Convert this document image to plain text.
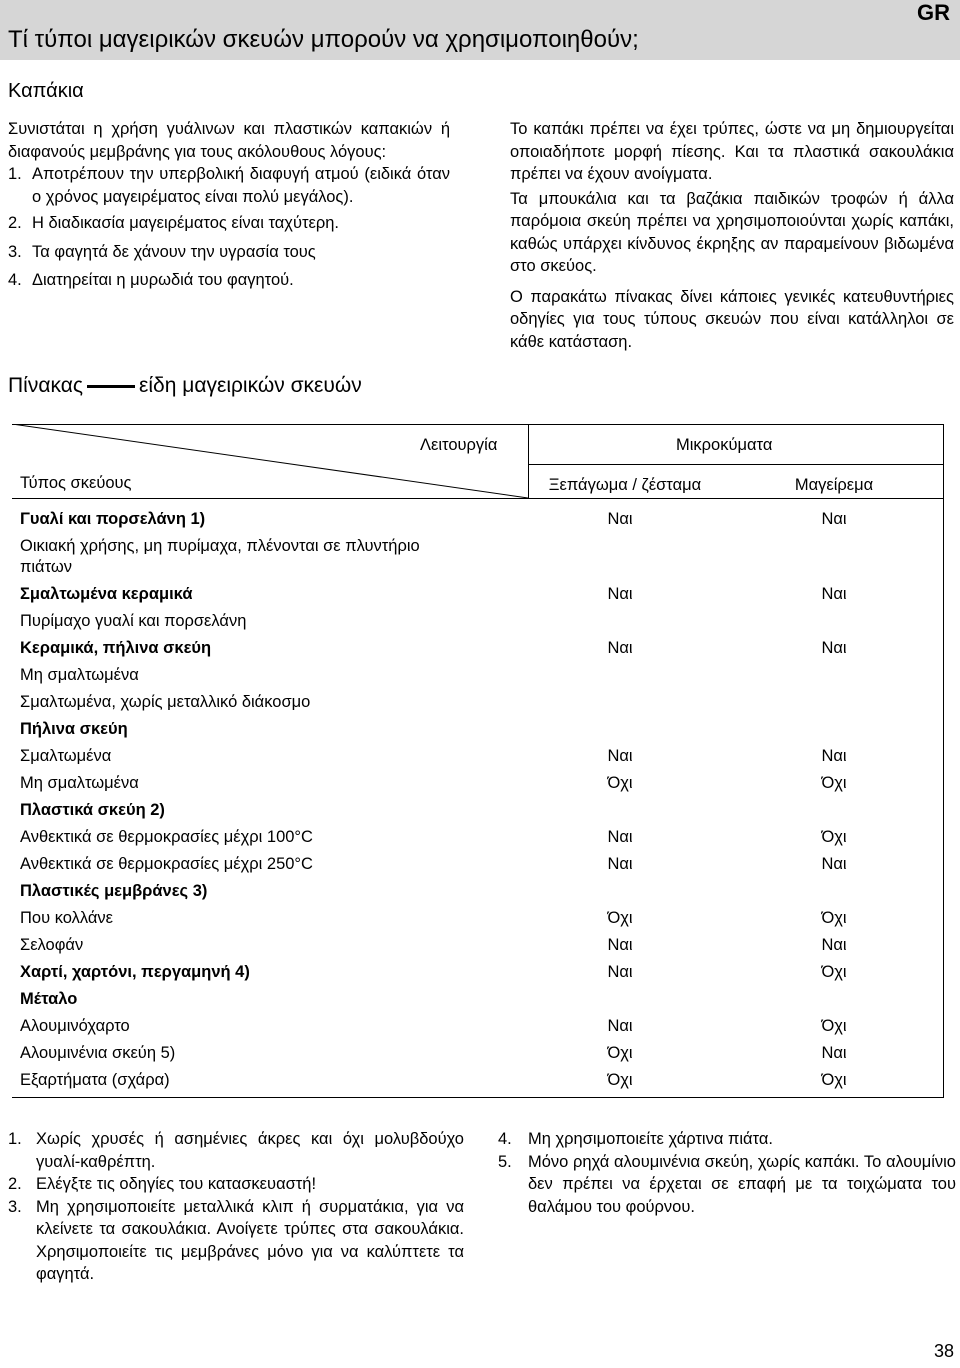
GR
Τί τύποι μαγειρικών σκευών μπορούν να χρησιμοποιηθούν;
Καπάκια
Συνιστάται η χρήση γυάλινων και πλαστικών καπακιών ή διαφανούς μεμβράνης για τους ακόλουθους λόγους:
1. Αποτρέπουν την υπερβολική διαφυγή ατμού (ειδικά όταν ο χρόνος μαγειρέματος είναι πολύ μεγάλος).
2. Η διαδικασία μαγειρέματος είναι ταχύτερη.
3. Τα φαγητά δε χάνουν την υγρασία τους
4. Διατηρείται η μυρωδιά του φαγητού.
Το καπάκι πρέπει να έχει τρύπες, ώστε να μη δημιουργείται οποιαδήποτε μορφή πίεσης. Και τα πλαστικά σακουλάκια πρέπει να έχουν ανοίγματα.
Τα μπουκάλια και τα βαζάκια παιδικών τροφών ή άλλα παρόμοια σκεύη πρέπει να χρησιμοποιούνται χωρίς καπάκι, καθώς υπάρχει κίνδυνος έκρηξης αν παραμείνουν βιδωμένα στο σκεύος.
Ο παρακάτω πίνακας δίνει κάποιες γενικές κατευθυντήριες οδηγίες για τους τύπους σκευών που είναι κατάλληλοι σε κάθε κατάσταση.
Πίνακας	είδη μαγειρικών σκευών
Λειτουργία	Μικροκύματα
Τύπος σκεύους	Ξεπάγωμα / ζέσταμα	Μαγείρεμα
Γυαλί και πορσελάνη 1)	Ναι	Ναι
Οικιακή χρήσης, μη πυρίμαχα, πλένονται σε πλυντήριο
πιάτων
Σμαλτωμένα κεραμικά	Ναι	Ναι
Πυρίμαχο γυαλί και πορσελάνη
Κεραμικά, πήλινα σκεύη	Ναι	Ναι
Μη σμαλτωμένα
Σμαλτωμένα, χωρίς μεταλλικό διάκοσμο
Πήλινα σκεύη
Σμαλτωμένα	Ναι	Ναι
Μη σμαλτωμένα	Όχι	Όχι
Πλαστικά σκεύη 2)
Ανθεκτικά σε θερμοκρασίες μέχρι 100°C	Ναι	Όχι
Ανθεκτικά σε θερμοκρασίες μέχρι 250°C	Ναι	Ναι
Πλαστικές μεμβράνες 3)
Που κολλάνε	Όχι	Όχι
Σελοφάν	Ναι	Ναι
Χαρτί, χαρτόνι, περγαμηνή 4)	Ναι	Όχι
Μέταλο
Αλουμινόχαρτο	Ναι	Όχι
Αλουμινένια σκεύη 5)	Όχι	Ναι
Εξαρτήματα (σχάρα)	Όχι	Όχι
1. Χωρίς χρυσές ή ασημένιες άκρες και όχι μολυβδούχο γυαλί-καθρέπτη.
2. Ελέγξτε τις οδηγίες του κατασκευαστή!
3. Μη χρησιμοποιείτε μεταλλικά κλιπ ή συρματάκια, για να κλείνετε τα σακουλάκια. Ανοίγετε τρύπες στα σακουλάκια. Χρησιμοποιείτε τις μεμβράνες μόνο για να καλύπτετε τα φαγητά.
4. Μη χρησιμοποιείτε χάρτινα πιάτα.
5. Μόνο ρηχά αλουμινένια σκεύη, χωρίς καπάκι. Το αλουμίνιο δεν πρέπει να έρχεται σε επαφή με τα τοιχώματα του θαλάμου του φούρνου.
38
